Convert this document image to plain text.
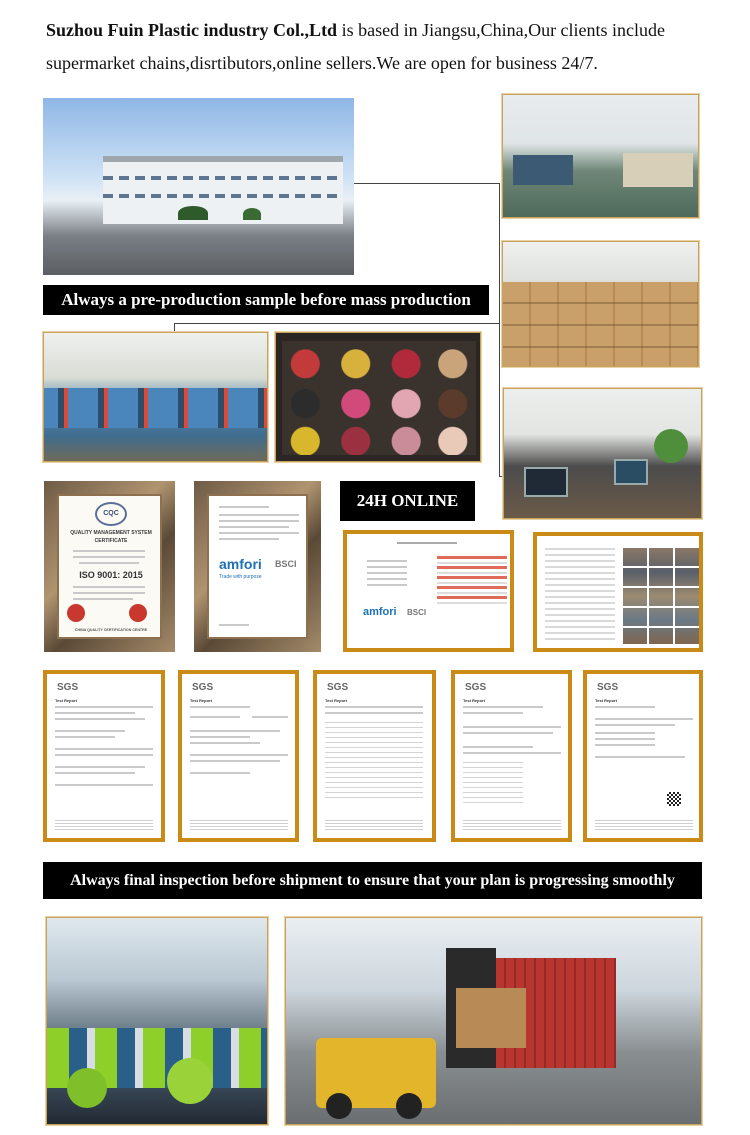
Suzhou Fuin Plastic industry Col.,Ltd is based in Jiangsu,China,Our clients include supermarket chains,disrtibutors,online sellers.We are open for business 24/7.
Always a pre-production sample before mass production
CQC
QUALITY MANAGEMENT SYSTEM
CERTIFICATE
ISO 9001: 2015
CHINA QUALITY CERTIFICATION CENTRE
amfori BSCI
Trade with purpose
24H ONLINE
amfori BSCI
SGS
Test Report
SGS
Test Report
SGS
Test Report
SGS
Test Report
SGS
Test Report
Always final inspection before shipment to ensure that your plan is progressing smoothly
